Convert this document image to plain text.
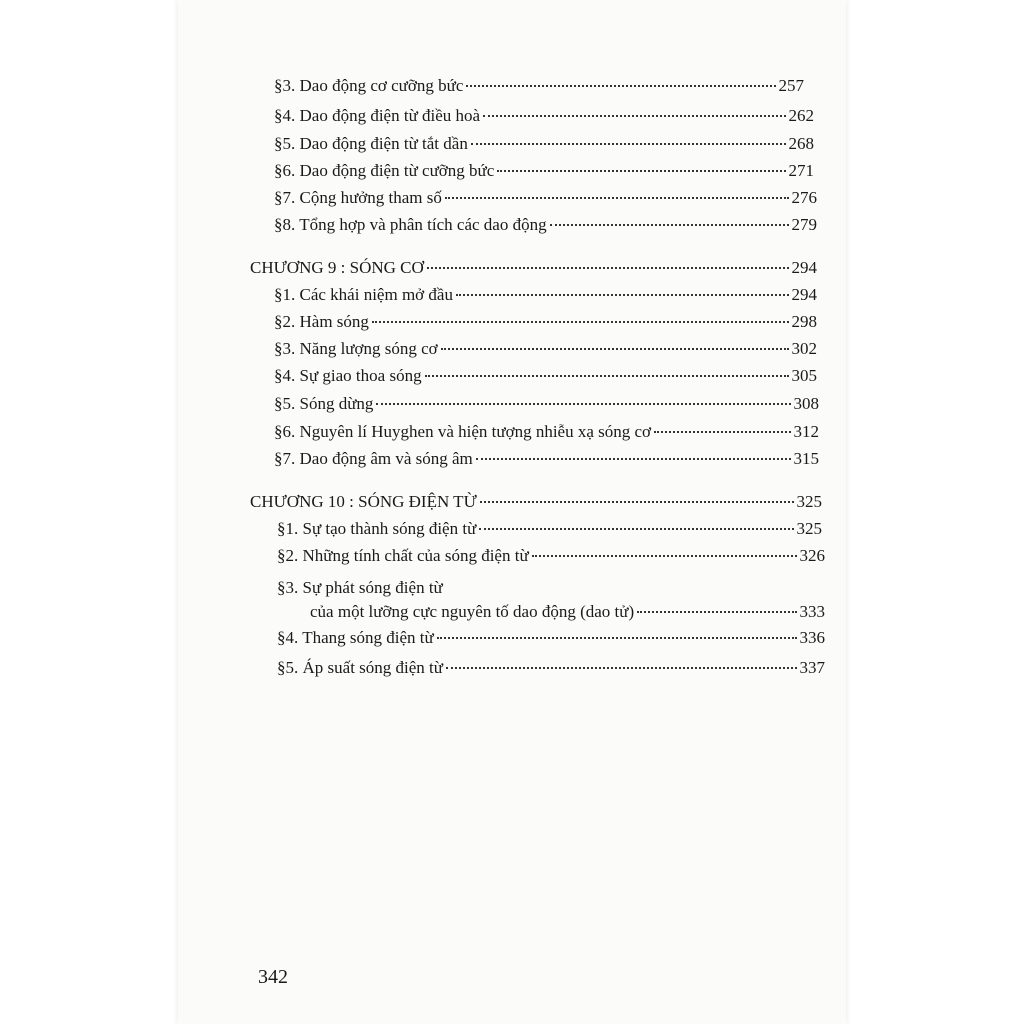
§3. Dao động cơ cưỡng bức	257
§4. Dao động điện từ điều hoà	262
§5. Dao động điện từ tắt dần	268
§6. Dao động điện từ cưỡng bức	271
§7. Cộng hưởng tham số	276
§8. Tổng hợp và phân tích các dao động	279
CHƯƠNG 9 : SÓNG CƠ	294
§1. Các khái niệm mở đầu	294
§2. Hàm sóng	298
§3. Năng lượng sóng cơ	302
§4. Sự giao thoa sóng	305
§5. Sóng dừng	308
§6. Nguyên lí Huyghen và hiện tượng nhiễu xạ sóng cơ	312
§7. Dao động âm và sóng âm	315
CHƯƠNG 10 : SÓNG ĐIỆN TỪ	325
§1. Sự tạo thành sóng điện từ	325
§2. Những tính chất của sóng điện từ	326
§3. Sự phát sóng điện từ
của một lưỡng cực nguyên tố dao động (dao tử)	333
§4. Thang sóng điện từ	336
§5. Áp suất sóng điện từ	337
342
